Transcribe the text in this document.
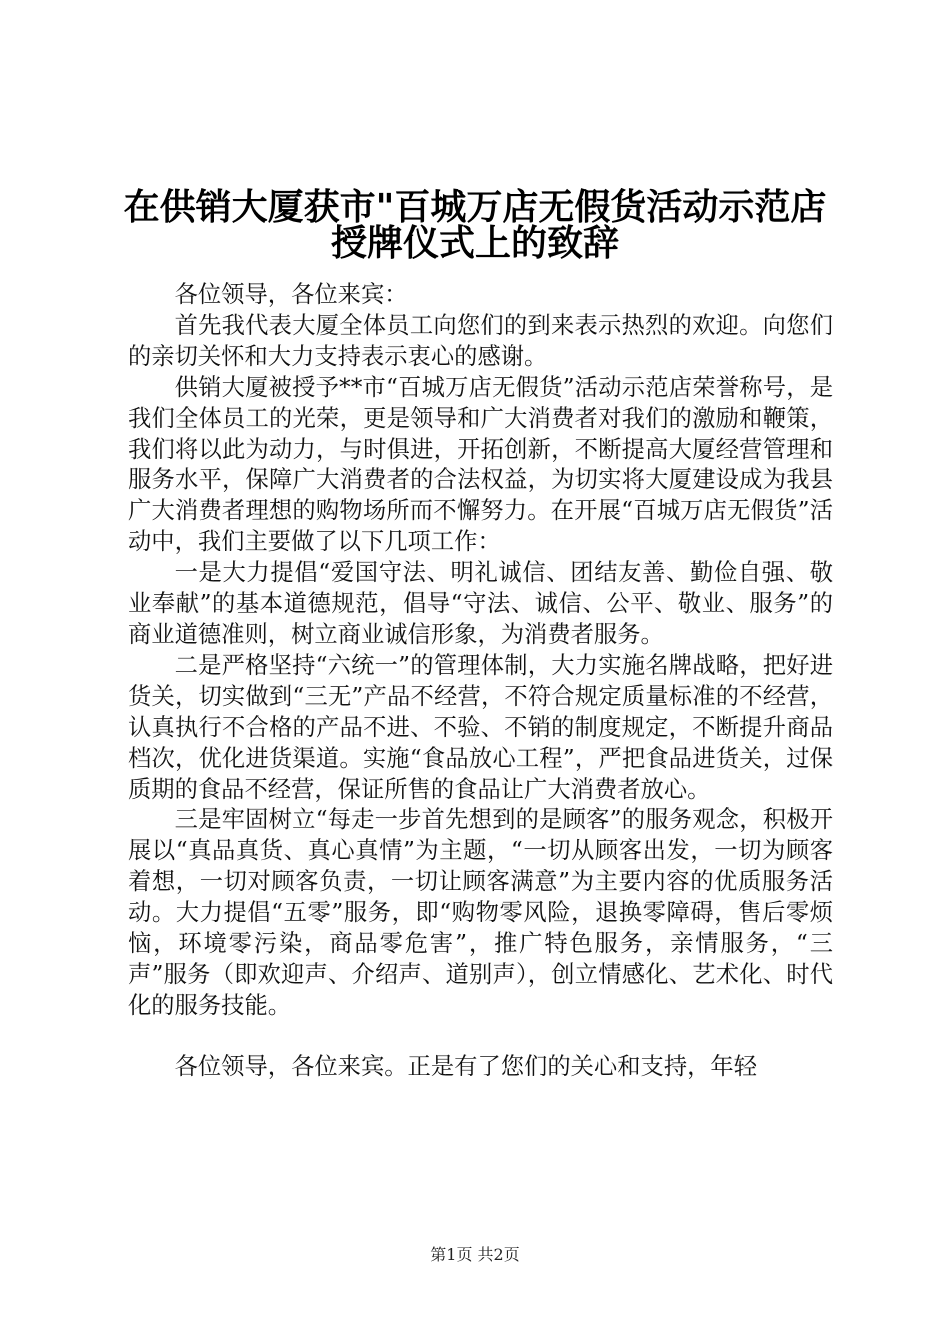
在供销大厦获市"百城万店无假货活动示范店
授牌仪式上的致辞

各位领导，各位来宾：

首先我代表大厦全体员工向您们的到来表示热烈的欢迎。向您们的亲切关怀和大力支持表示衷心的感谢。

供销大厦被授予**市“百城万店无假货”活动示范店荣誉称号，是我们全体员工的光荣，更是领导和广大消费者对我们的激励和鞭策，我们将以此为动力，与时俱进，开拓创新，不断提高大厦经营管理和服务水平，保障广大消费者的合法权益，为切实将大厦建设成为我县广大消费者理想的购物场所而不懈努力。在开展“百城万店无假货”活动中，我们主要做了以下几项工作：

一是大力提倡“爱国守法、明礼诚信、团结友善、勤俭自强、敬业奉献”的基本道德规范，倡导“守法、诚信、公平、敬业、服务”的商业道德准则，树立商业诚信形象，为消费者服务。

二是严格坚持“六统一”的管理体制，大力实施名牌战略，把好进货关，切实做到“三无”产品不经营，不符合规定质量标准的不经营，认真执行不合格的产品不进、不验、不销的制度规定，不断提升商品档次，优化进货渠道。实施“食品放心工程”，严把食品进货关，过保质期的食品不经营，保证所售的食品让广大消费者放心。

三是牢固树立“每走一步首先想到的是顾客”的服务观念，积极开展以“真品真货、真心真情”为主题，“一切从顾客出发，一切为顾客着想，一切对顾客负责，一切让顾客满意”为主要内容的优质服务活动。大力提倡“五零”服务，即“购物零风险，退换零障碍，售后零烦恼，环境零污染，商品零危害”，推广特色服务，亲情服务，“三声”服务（即欢迎声、介绍声、道别声），创立情感化、艺术化、时代化的服务技能。

各位领导，各位来宾。正是有了您们的关心和支持，年轻

第1页 共2页
